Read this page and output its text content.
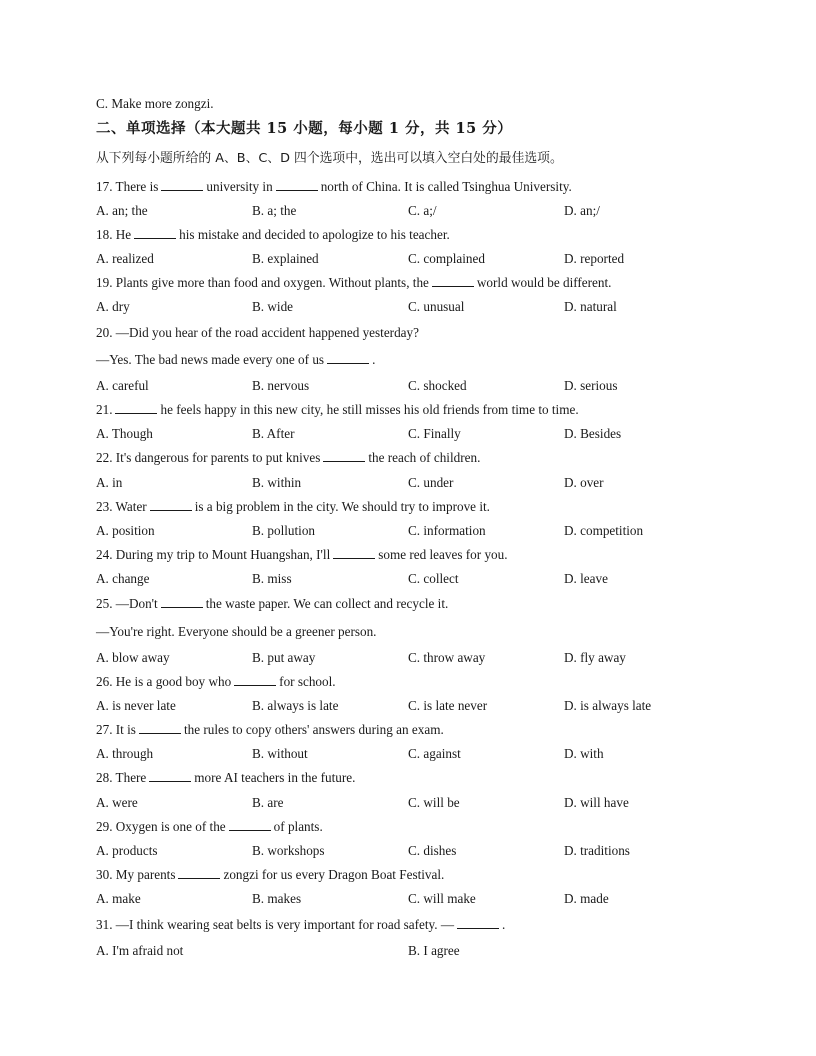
C. Make more zongzi.
二、单项选择（本大题共 15 小题，每小题 1 分，共 15 分）
从下列每小题所给的 A、B、C、D 四个选项中，选出可以填入空白处的最佳选项。
17. There is	university in	north of China. It is called Tsinghua University.
A. an; the	B. a; the	C. a;/	D. an;/
18. He	his mistake and decided to apologize to his teacher.
A. realized	B. explained	C. complained	D. reported
19. Plants give more than food and oxygen. Without plants, the	world would be different.
A. dry	B. wide	C. unusual	D. natural
20. —Did you hear of the road accident happened yesterday?
—Yes. The bad news made every one of us	.
A. careful	B. nervous	C. shocked	D. serious
21.	he feels happy in this new city, he still misses his old friends from time to time.
A. Though	B. After	C. Finally	D. Besides
22. It's dangerous for parents to put knives	the reach of children.
A. in	B. within	C. under	D. over
23. Water	is a big problem in the city. We should try to improve it.
A. position	B. pollution	C. information	D. competition
24. During my trip to Mount Huangshan, I'll	some red leaves for you.
A. change	B. miss	C. collect	D. leave
25. —Don't	the waste paper. We can collect and recycle it.
—You're right. Everyone should be a greener person.
A. blow away	B. put away	C. throw away	D. fly away
26. He is a good boy who	for school.
A. is never late	B. always is late	C. is late never	D. is always late
27. It is	the rules to copy others' answers during an exam.
A. through	B. without	C. against	D. with
28. There	more AI teachers in the future.
A. were	B. are	C. will be	D. will have
29. Oxygen is one of the	of plants.
A. products	B. workshops	C. dishes	D. traditions
30. My parents	zongzi for us every Dragon Boat Festival.
A. make	B. makes	C. will make	D. made
31. —I think wearing seat belts is very important for road safety. —	.
A. I'm afraid not	B. I agree
